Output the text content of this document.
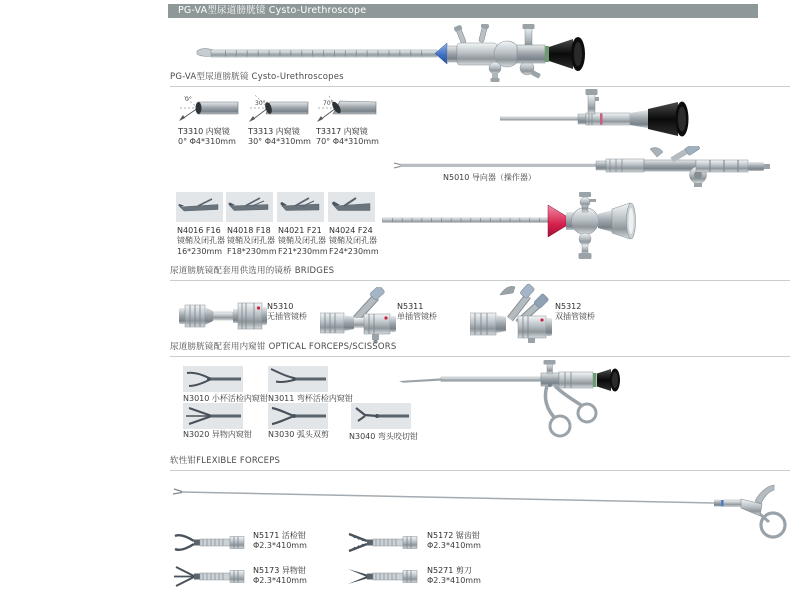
PG-VA型尿道膀胱镜 Cysto-Urethroscope
PG-VA型尿道膀胱镜 Cysto-Urethroscopes
0°
30°	70°
T3310 内窥镜
0° Φ4*310mm
T3313 内窥镜
30° Φ4*310mm
T3317 内窥镜
70° Φ4*310mm
N5010 导向器（操作器）
N4016 F16
镜鞘及闭孔器
16*230mm
N4018 F18
镜鞘及闭孔器
F18*230mm
N4021 F21
镜鞘及闭孔器
F21*230mm
N4024 F24
镜鞘及闭孔器
F24*230mm
尿道膀胱镜配套用供选用的镜桥 BRIDGES
N5310
无插管镜桥
N5311
单插管镜桥
N5312
双插管镜桥
尿道膀胱镜配套用内窥钳 OPTICAL FORCEPS/SCISSORS
N3010 小杯活检内窥钳 N3011 弯杯活检内窥钳
N3020 异物内窥钳 N3030 弧头双剪	N3040 弯头咬切钳
软性钳FLEXIBLE FORCEPS
N5171 活检钳
Φ2.3*410mm
N5172 锯齿钳
Φ2.3*410mm
N5173 异物钳
Φ2.3*410mm
N5271 剪刀
Φ2.3*410mm
